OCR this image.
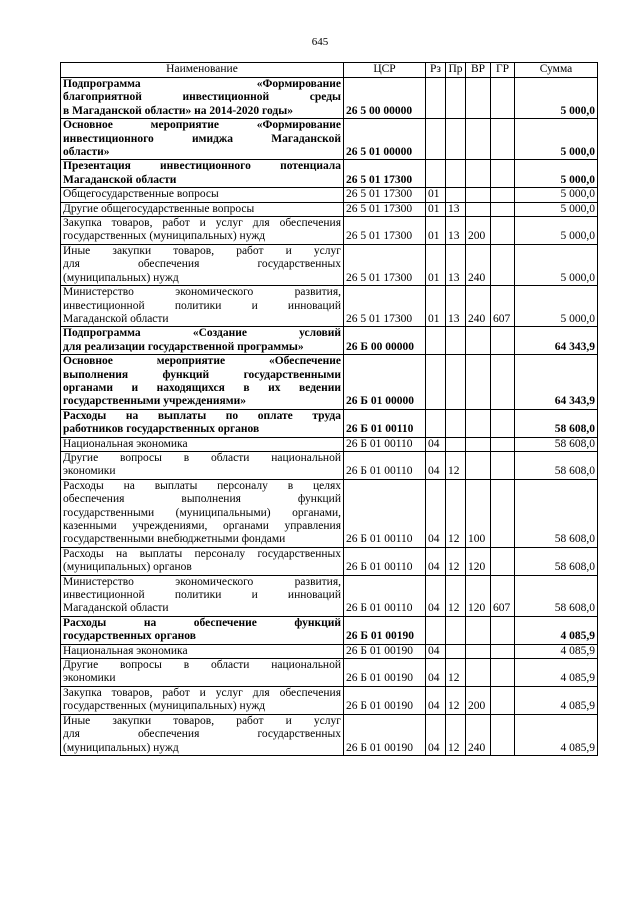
645
Наименование	ЦСР	Рз	Пр	ВР	ГР	Сумма

Подпрограмма «Формирование
благоприятной инвестиционной среды
в Магаданской области» на 2014-2020 годы»	26 5 00 00000					5 000,0

Основное мероприятие «Формирование
инвестиционного имиджа Магаданской
области»	26 5 01 00000					5 000,0

Презентация инвестиционного потенциала
Магаданской области	26 5 01 17300					5 000,0

Общегосударственные вопросы	26 5 01 17300	01				5 000,0

Другие общегосударственные вопросы	26 5 01 17300	01	13			5 000,0

Закупка товаров, работ и услуг для обеспечения
государственных (муниципальных) нужд	26 5 01 17300	01	13	200		5 000,0

Иные закупки товаров, работ и услуг
для обеспечения государственных
(муниципальных) нужд	26 5 01 17300	01	13	240		5 000,0

Министерство экономического развития,
инвестиционной политики и инноваций
Магаданской области	26 5 01 17300	01	13	240	607	5 000,0

Подпрограмма «Создание условий
для реализации государственной программы»	26 Б 00 00000					64 343,9

Основное мероприятие «Обеспечение
выполнения функций государственными
органами и находящихся в их ведении
государственными учреждениями»	26 Б 01 00000					64 343,9

Расходы на выплаты по оплате труда
работников государственных органов	26 Б 01 00110					58 608,0

Национальная экономика	26 Б 01 00110	04				58 608,0

Другие вопросы в области национальной
экономики	26 Б 01 00110	04	12			58 608,0

Расходы на выплаты персоналу в целях
обеспечения выполнения функций
государственными (муниципальными) органами,
казенными учреждениями, органами управления
государственными внебюджетными фондами	26 Б 01 00110	04	12	100		58 608,0

Расходы на выплаты персоналу государственных
(муниципальных) органов	26 Б 01 00110	04	12	120		58 608,0

Министерство экономического развития,
инвестиционной политики и инноваций
Магаданской области	26 Б 01 00110	04	12	120	607	58 608,0

Расходы на обеспечение функций
государственных органов	26 Б 01 00190					4 085,9

Национальная экономика	26 Б 01 00190	04				4 085,9

Другие вопросы в области национальной
экономики	26 Б 01 00190	04	12			4 085,9

Закупка товаров, работ и услуг для обеспечения
государственных (муниципальных) нужд	26 Б 01 00190	04	12	200		4 085,9

Иные закупки товаров, работ и услуг
для обеспечения государственных
(муниципальных) нужд	26 Б 01 00190	04	12	240		4 085,9
